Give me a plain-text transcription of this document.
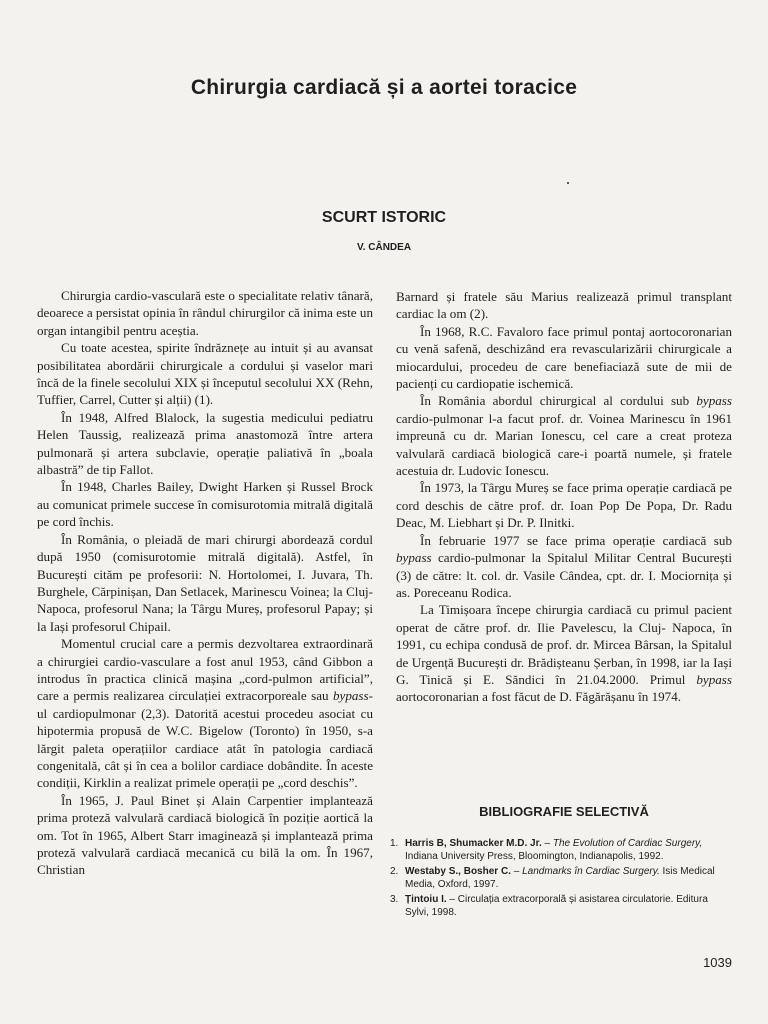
Chirurgia cardiacă și a aortei toracice
SCURT ISTORIC
V. CÂNDEA

Chirurgia cardio-vasculară este o specialitate relativ tânară, deoarece a persistat opinia în rândul chirurgilor că inima este un organ intangibil pentru aceștia.

Cu toate acestea, spirite îndrăznețe au intuit și au avansat posibilitatea abordării chirurgicale a cordului și vaselor mari încă de la finele secolului XIX și începutul secolului XX (Rehn, Tuffier, Carrel, Cutter și alții) (1).

În 1948, Alfred Blalock, la sugestia medicului pediatru Helen Taussig, realizează prima anastomoză între artera pulmonară și artera subclavie, operație paliativă în „boala albastră” de tip Fallot.

În 1948, Charles Bailey, Dwight Harken și Russel Brock au comunicat primele succese în comisurotomia mitrală digitală pe cord închis.

În România, o pleiadă de mari chirurgi abordează cordul după 1950 (comisurotomie mitrală digitală). Astfel, în București cităm pe profesorii: N. Hortolomei, I. Juvara, Th. Burghele, Cărpinișan, Dan Setlacek, Marinescu Voinea; la Cluj-Napoca, profesorul Nana; la Târgu Mureș, profesorul Papay; și la Iași profesorul Chipail.

Momentul crucial care a permis dezvoltarea extraordinară a chirurgiei cardio-vasculare a fost anul 1953, când Gibbon a introdus în practica clinică mașina „cord-pulmon artificial”, care a permis realizarea circulației extracorporeale sau bypass-ul cardiopulmonar (2,3). Datorită acestui procedeu asociat cu hipotermia propusă de W.C. Bigelow (Toronto) în 1950, s-a lărgit paleta operațiilor cardiace atât în patologia cardiacă congenitală, cât și în cea a bolilor cardiace dobândite. În aceste condiții, Kirklin a realizat primele operații pe „cord deschis”.

În 1965, J. Paul Binet și Alain Carpentier implantează prima proteză valvulară cardiacă biologică în poziție aortică la om. Tot în 1965, Albert Starr imaginează și implantează prima proteză valvulară cardiacă mecanică cu bilă la om. În 1967, Christian

Barnard și fratele său Marius realizează primul transplant cardiac la om (2).

În 1968, R.C. Favaloro face primul pontaj aortocoronarian cu venă safenă, deschizând era revascularizării chirurgicale a miocardului, procedeu de care benefiaciază sute de mii de pacienți cu cardiopatie ischemică.

În România abordul chirurgical al cordului sub bypass cardio-pulmonar l-a facut prof. dr. Voinea Marinescu în 1961 impreună cu dr. Marian Ionescu, cel care a creat proteza valvulară cardiacă biologică care-i poartă numele, și fratele acestuia dr. Ludovic Ionescu.

În 1973, la Târgu Mureș se face prima operație cardiacă pe cord deschis de către prof. dr. Ioan Pop De Popa, Dr. Radu Deac, M. Liebhart și Dr. P. Ilnitki.

În februarie 1977 se face prima operație cardiacă sub bypass cardio-pulmonar la Spitalul Militar Central București (3) de către: lt. col. dr. Vasile Cândea, cpt. dr. I. Mociornița și as. Poreceanu Rodica.

La Timișoara începe chirurgia cardiacă cu primul pacient operat de către prof. dr. Ilie Pavelescu, la Cluj- Napoca, în 1991, cu echipa condusă de prof. dr. Mircea Bârsan, la Spitalul de Urgență București dr. Brădișteanu Șerban, în 1998, iar la Iași G. Tinică și E. Săndici în 21.04.2000. Primul bypass aortocoronarian a fost făcut de D. Făgărășanu în 1974.

BIBLIOGRAFIE SELECTIVĂ
1. Harris B, Shumacker M.D. Jr. – The Evolution of Cardiac Surgery, Indiana University Press, Bloomington, Indianapolis, 1992.
2. Westaby S., Bosher C. – Landmarks în Cardiac Surgery. Isis Medical Media, Oxford, 1997.
3. Țintoiu I. – Circulația extracorporală și asistarea circulatorie. Editura Sylvi, 1998.
1039
